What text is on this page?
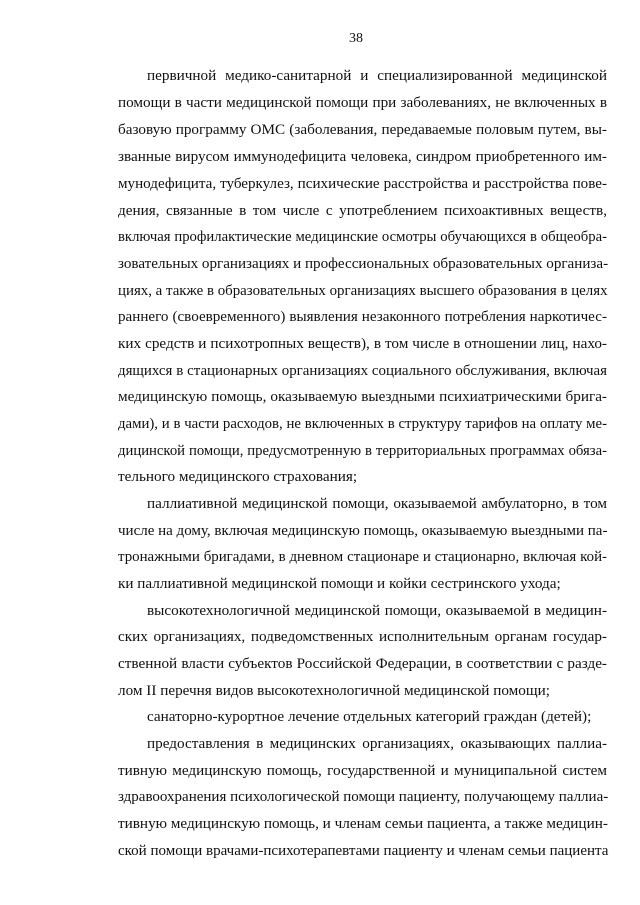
38
первичной медико-санитарной и специализированной медицинской
помощи в части медицинской помощи при заболеваниях, не включенных в
базовую программу ОМС (заболевания, передаваемые половым путем, вы-
званные вирусом иммунодефицита человека, синдром приобретенного им-
мунодефицита, туберкулез, психические расстройства и расстройства пове-
дения, связанные в том числе с употреблением психоактивных веществ,
включая профилактические медицинские осмотры обучающихся в общеобра-
зовательных организациях и профессиональных образовательных организа-
циях, а также в образовательных организациях высшего образования в целях
раннего (своевременного) выявления незаконного потребления наркотичес-
ких средств и психотропных веществ), в том числе в отношении лиц, нахо-
дящихся в стационарных организациях социального обслуживания, включая
медицинскую помощь, оказываемую выездными психиатрическими брига-
дами), и в части расходов, не включенных в структуру тарифов на оплату ме-
дицинской помощи, предусмотренную в территориальных программах обяза-
тельного медицинского страхования;
паллиативной медицинской помощи, оказываемой амбулаторно, в том
числе на дому, включая медицинскую помощь, оказываемую выездными па-
тронажными бригадами, в дневном стационаре и стационарно, включая кой-
ки паллиативной медицинской помощи и койки сестринского ухода;
высокотехнологичной медицинской помощи, оказываемой в медицин-
ских организациях, подведомственных исполнительным органам государ-
ственной власти субъектов Российской Федерации, в соответствии с разде-
лом II перечня видов высокотехнологичной медицинской помощи;
санаторно-курортное лечение отдельных категорий граждан (детей);
предоставления в медицинских организациях, оказывающих паллиа-
тивную медицинскую помощь, государственной и муниципальной систем
здравоохранения психологической помощи пациенту, получающему паллиа-
тивную медицинскую помощь, и членам семьи пациента, а также медицин-
ской помощи врачами-психотерапевтами пациенту и членам семьи пациента
